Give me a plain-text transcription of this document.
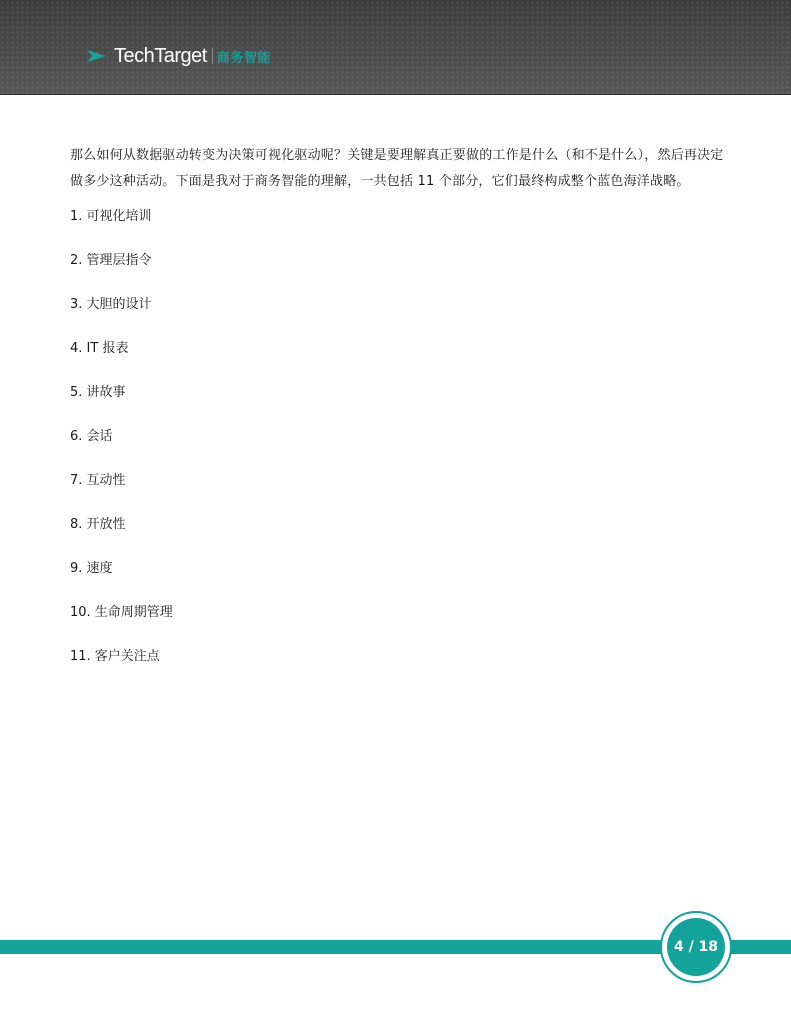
TechTarget 商务智能

那么如何从数据驱动转变为决策可视化驱动呢？关键是要理解真正要做的工作是什么（和不是什么），然后再决定做多少这种活动。下面是我对于商务智能的理解，一共包括 11 个部分，它们最终构成整个蓝色海洋战略。

1. 可视化培训
2. 管理层指令
3. 大胆的设计
4. IT 报表
5. 讲故事
6. 会话
7. 互动性
8. 开放性
9. 速度
10. 生命周期管理
11. 客户关注点
4 / 18
